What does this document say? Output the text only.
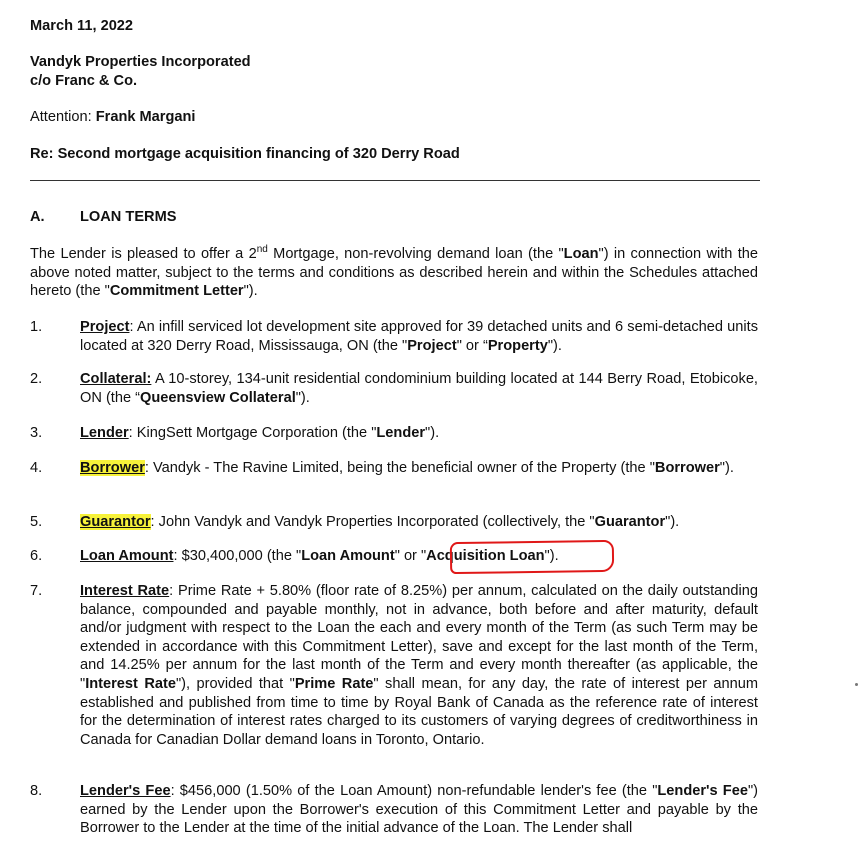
March 11, 2022
Vandyk Properties Incorporated
c/o Franc & Co.
Attention: Frank Margani
Re: Second mortgage acquisition financing of 320 Derry Road
A. LOAN TERMS
The Lender is pleased to offer a 2nd Mortgage, non-revolving demand loan (the "Loan") in connection with the above noted matter, subject to the terms and conditions as described herein and within the Schedules attached hereto (the "Commitment Letter").
1.	Project: An infill serviced lot development site approved for 39 detached units and 6 semi-detached units located at 320 Derry Road, Mississauga, ON (the "Project" or “Property").
2.	Collateral: A 10-storey, 134-unit residential condominium building located at 144 Berry Road, Etobicoke, ON (the “Queensview Collateral").
3.	Lender: KingSett Mortgage Corporation (the "Lender").
4.	Borrower: Vandyk - The Ravine Limited, being the beneficial owner of the Property (the "Borrower").
5.	Guarantor: John Vandyk and Vandyk Properties Incorporated (collectively, the "Guarantor").
6.	Loan Amount: $30,400,000 (the "Loan Amount" or "Acquisition Loan").
7.	Interest Rate: Prime Rate + 5.80% (floor rate of 8.25%) per annum, calculated on the daily outstanding balance, compounded and payable monthly, not in advance, both before and after maturity, default and/or judgment with respect to the Loan the each and every month of the Term (as such Term may be extended in accordance with this Commitment Letter), save and except for the last month of the Term, and 14.25% per annum for the last month of the Term and every month thereafter (as applicable, the "Interest Rate"), provided that "Prime Rate" shall mean, for any day, the rate of interest per annum established and published from time to time by Royal Bank of Canada as the reference rate of interest for the determination of interest rates charged to its customers of varying degrees of creditworthiness in Canada for Canadian Dollar demand loans in Toronto, Ontario.
8.	Lender's Fee: $456,000 (1.50% of the Loan Amount) non-refundable lender's fee (the "Lender's Fee") earned by the Lender upon the Borrower's execution of this Commitment Letter and payable by the Borrower to the Lender at the time of the initial advance of the Loan. The Lender shall
